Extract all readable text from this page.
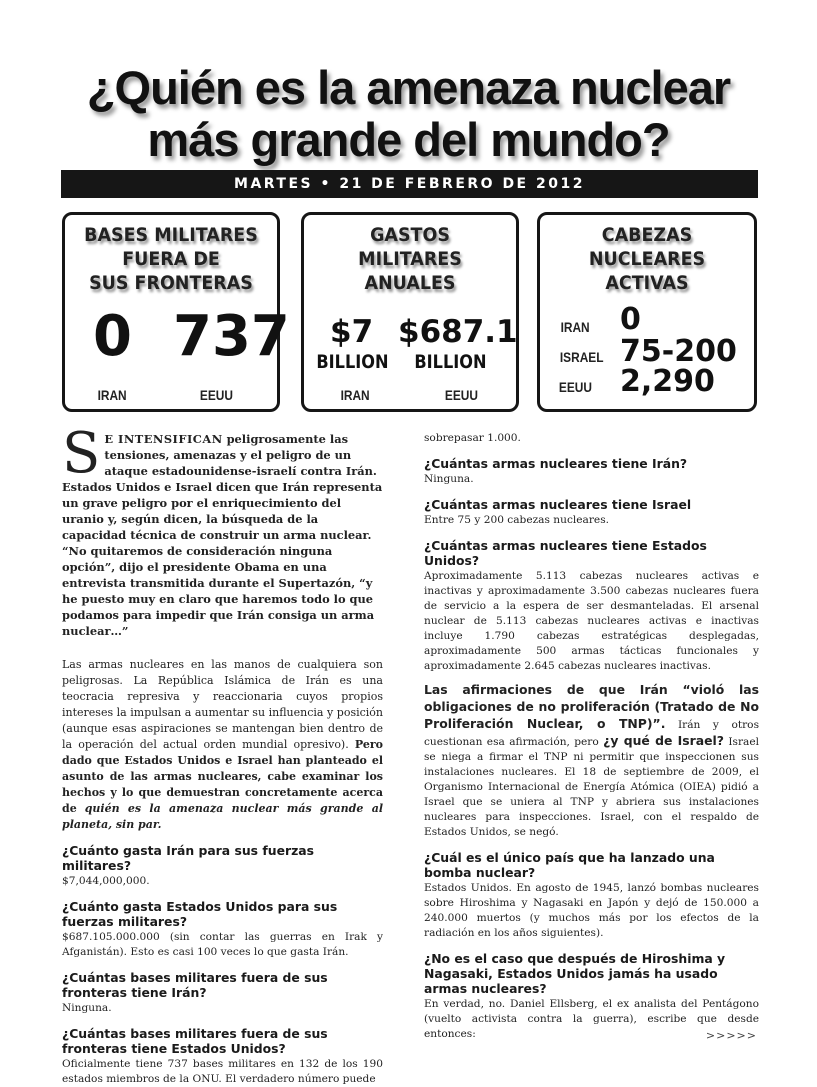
¿Quién es la amenaza nuclear
más grande del mundo?
MARTES • 21 DE FEBRERO DE 2012
BASES MILITARES
FUERA DE
SUS FRONTERAS
0 737
IRAN	EEUU
GASTOS
MILITARES
ANUALES
$7 $687.1
BILLION BILLION
IRAN	EEUU
CABEZAS
NUCLEARES
ACTIVAS
IRAN 0
ISRAEL 75-200
EEUU 2,290

S E INTENSIFICAN peligrosamente las tensiones, amenazas y el peligro de un ataque estadounidense-israelí contra Irán. Estados Unidos e Israel dicen que Irán representa un grave peligro por el enriquecimiento del uranio y, según dicen, la búsqueda de la capacidad técnica de construir un arma nuclear. “No quitaremos de consideración ninguna opción”, dijo el presidente Obama en una entrevista transmitida durante el Supertazón, “y he puesto muy en claro que haremos todo lo que podamos para impedir que Irán consiga un arma nuclear…”

Las armas nucleares en las manos de cualquiera son peligrosas. La República Islámica de Irán es una teocracia represiva y reaccionaria cuyos propios intereses la impulsan a aumentar su influencia y posición (aunque esas aspiraciones se mantengan bien dentro de la operación del actual orden mundial opresivo). Pero dado que Estados Unidos e Israel han planteado el asunto de las armas nucleares, cabe examinar los hechos y lo que demuestran concretamente acerca de quién es la amenaza nuclear más grande al planeta, sin par.

¿Cuánto gasta Irán para sus fuerzas militares?

$7,044,000,000.

¿Cuánto gasta Estados Unidos para sus fuerzas militares?

$687.105.000.000 (sin contar las guerras en Irak y Afganistán). Esto es casi 100 veces lo que gasta Irán.

¿Cuántas bases militares fuera de sus fronteras tiene Irán?

Ninguna.

¿Cuántas bases militares fuera de sus fronteras tiene Estados Unidos?

Oficialmente tiene 737 bases militares en 132 de los 190 estados miembros de la ONU. El verdadero número puede

sobrepasar 1.000.

¿Cuántas armas nucleares tiene Irán?

Ninguna.

¿Cuántas armas nucleares tiene Israel

Entre 75 y 200 cabezas nucleares.

¿Cuántas armas nucleares tiene Estados Unidos?

Aproximadamente 5.113 cabezas nucleares activas e inactivas y aproximadamente 3.500 cabezas nucleares fuera de servicio a la espera de ser desmanteladas. El arsenal nuclear de 5.113 cabezas nucleares activas e inactivas incluye 1.790 cabezas estratégicas desplegadas, aproximadamente 500 armas tácticas funcionales y aproximadamente 2.645 cabezas nucleares inactivas.

Las afirmaciones de que Irán “violó las obligaciones de no proliferación (Tratado de No Proliferación Nuclear, o TNP)”. Irán y otros cuestionan esa afirmación, pero ¿y qué de Israel? Israel se niega a firmar el TNP ni permitir que inspeccionen sus instalaciones nucleares. El 18 de septiembre de 2009, el Organismo Internacional de Energía Atómica (OIEA) pidió a Israel que se uniera al TNP y abriera sus instalaciones nucleares para inspecciones. Israel, con el respaldo de Estados Unidos, se negó.

¿Cuál es el único país que ha lanzado una bomba nuclear?

Estados Unidos. En agosto de 1945, lanzó bombas nucleares sobre Hiroshima y Nagasaki en Japón y dejó de 150.000 a 240.000 muertos (y muchos más por los efectos de la radiación en los años siguientes).

¿No es el caso que después de Hiroshima y Nagasaki, Estados Unidos jamás ha usado armas nucleares?

En verdad, no. Daniel Ellsberg, el ex analista del Pentágono (vuelto activista contra la guerra), escribe que desde entonces:	>>>>>
